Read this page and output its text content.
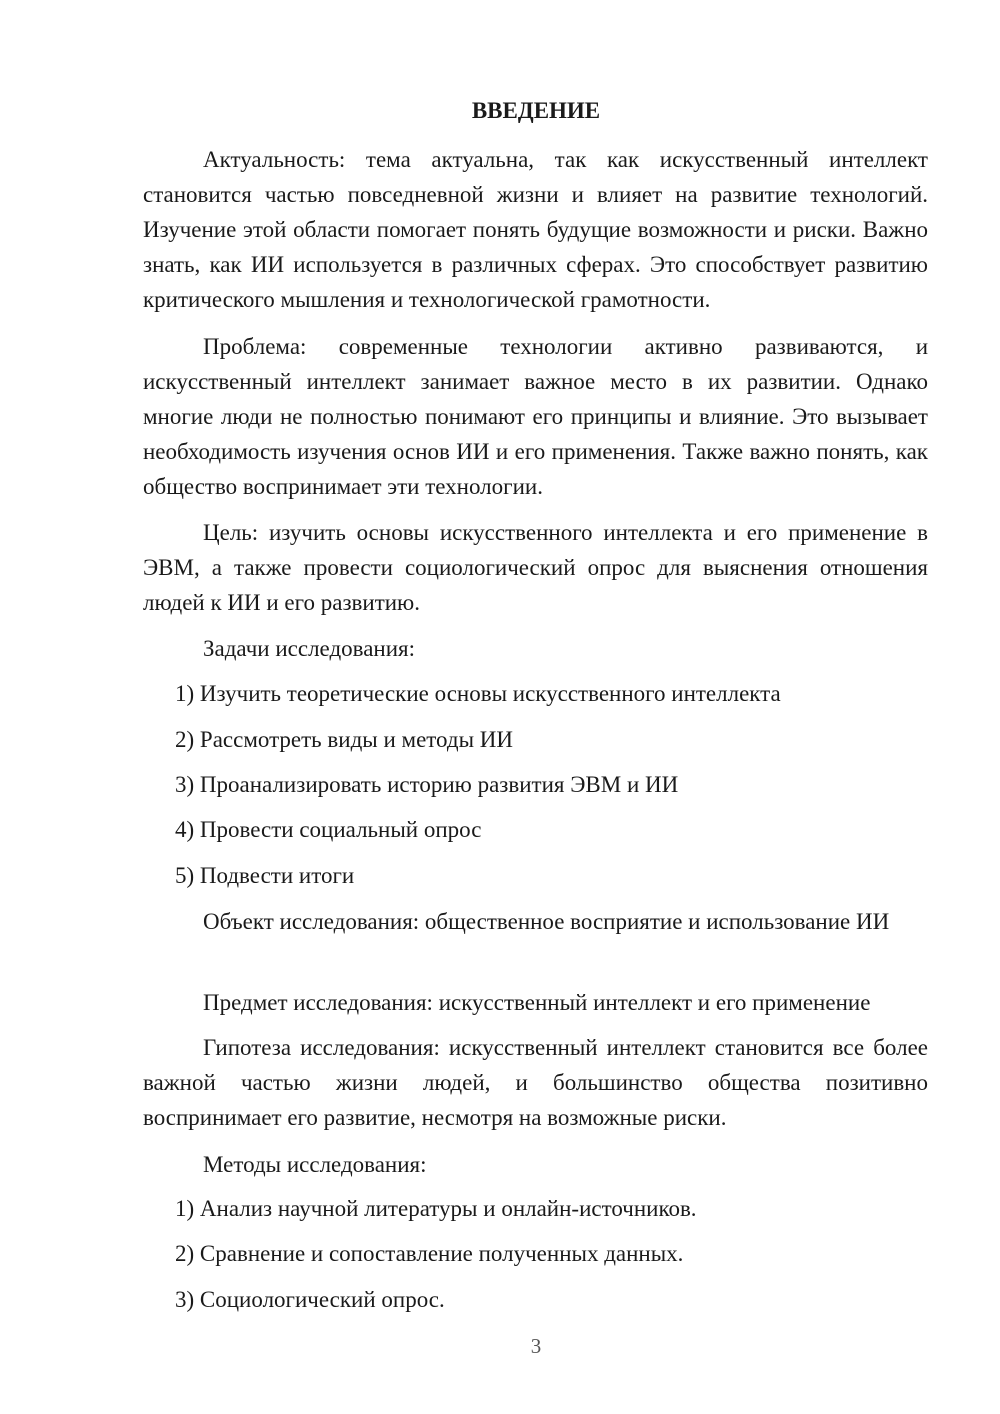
ВВЕДЕНИЕ

Актуальность: тема актуальна, так как искусственный интеллект становится частью повседневной жизни и влияет на развитие технологий. Изучение этой области помогает понять будущие возможности и риски. Важно знать, как ИИ используется в различных сферах. Это способствует развитию критического мышления и технологической грамотности.

Проблема: современные технологии активно развиваются, и искусственный интеллект занимает важное место в их развитии. Однако многие люди не полностью понимают его принципы и влияние. Это вызывает необходимость изучения основ ИИ и его применения. Также важно понять, как общество воспринимает эти технологии.

Цель: изучить основы искусственного интеллекта и его применение в ЭВМ, а также провести социологический опрос для выяснения отношения людей к ИИ и его развитию.

Задачи исследования:

1) Изучить теоретические основы искусственного интеллекта

2) Рассмотреть виды и методы ИИ

3) Проанализировать историю развития ЭВМ и ИИ

4) Провести социальный опрос

5) Подвести итоги

Объект исследования: общественное восприятие и использование ИИ

Предмет исследования: искусственный интеллект и его применение

Гипотеза исследования: искусственный интеллект становится все более важной частью жизни людей, и большинство общества позитивно воспринимает его развитие, несмотря на возможные риски.

Методы исследования:

1) Анализ научной литературы и онлайн-источников.

2) Сравнение и сопоставление полученных данных.

3) Социологический опрос.

3
